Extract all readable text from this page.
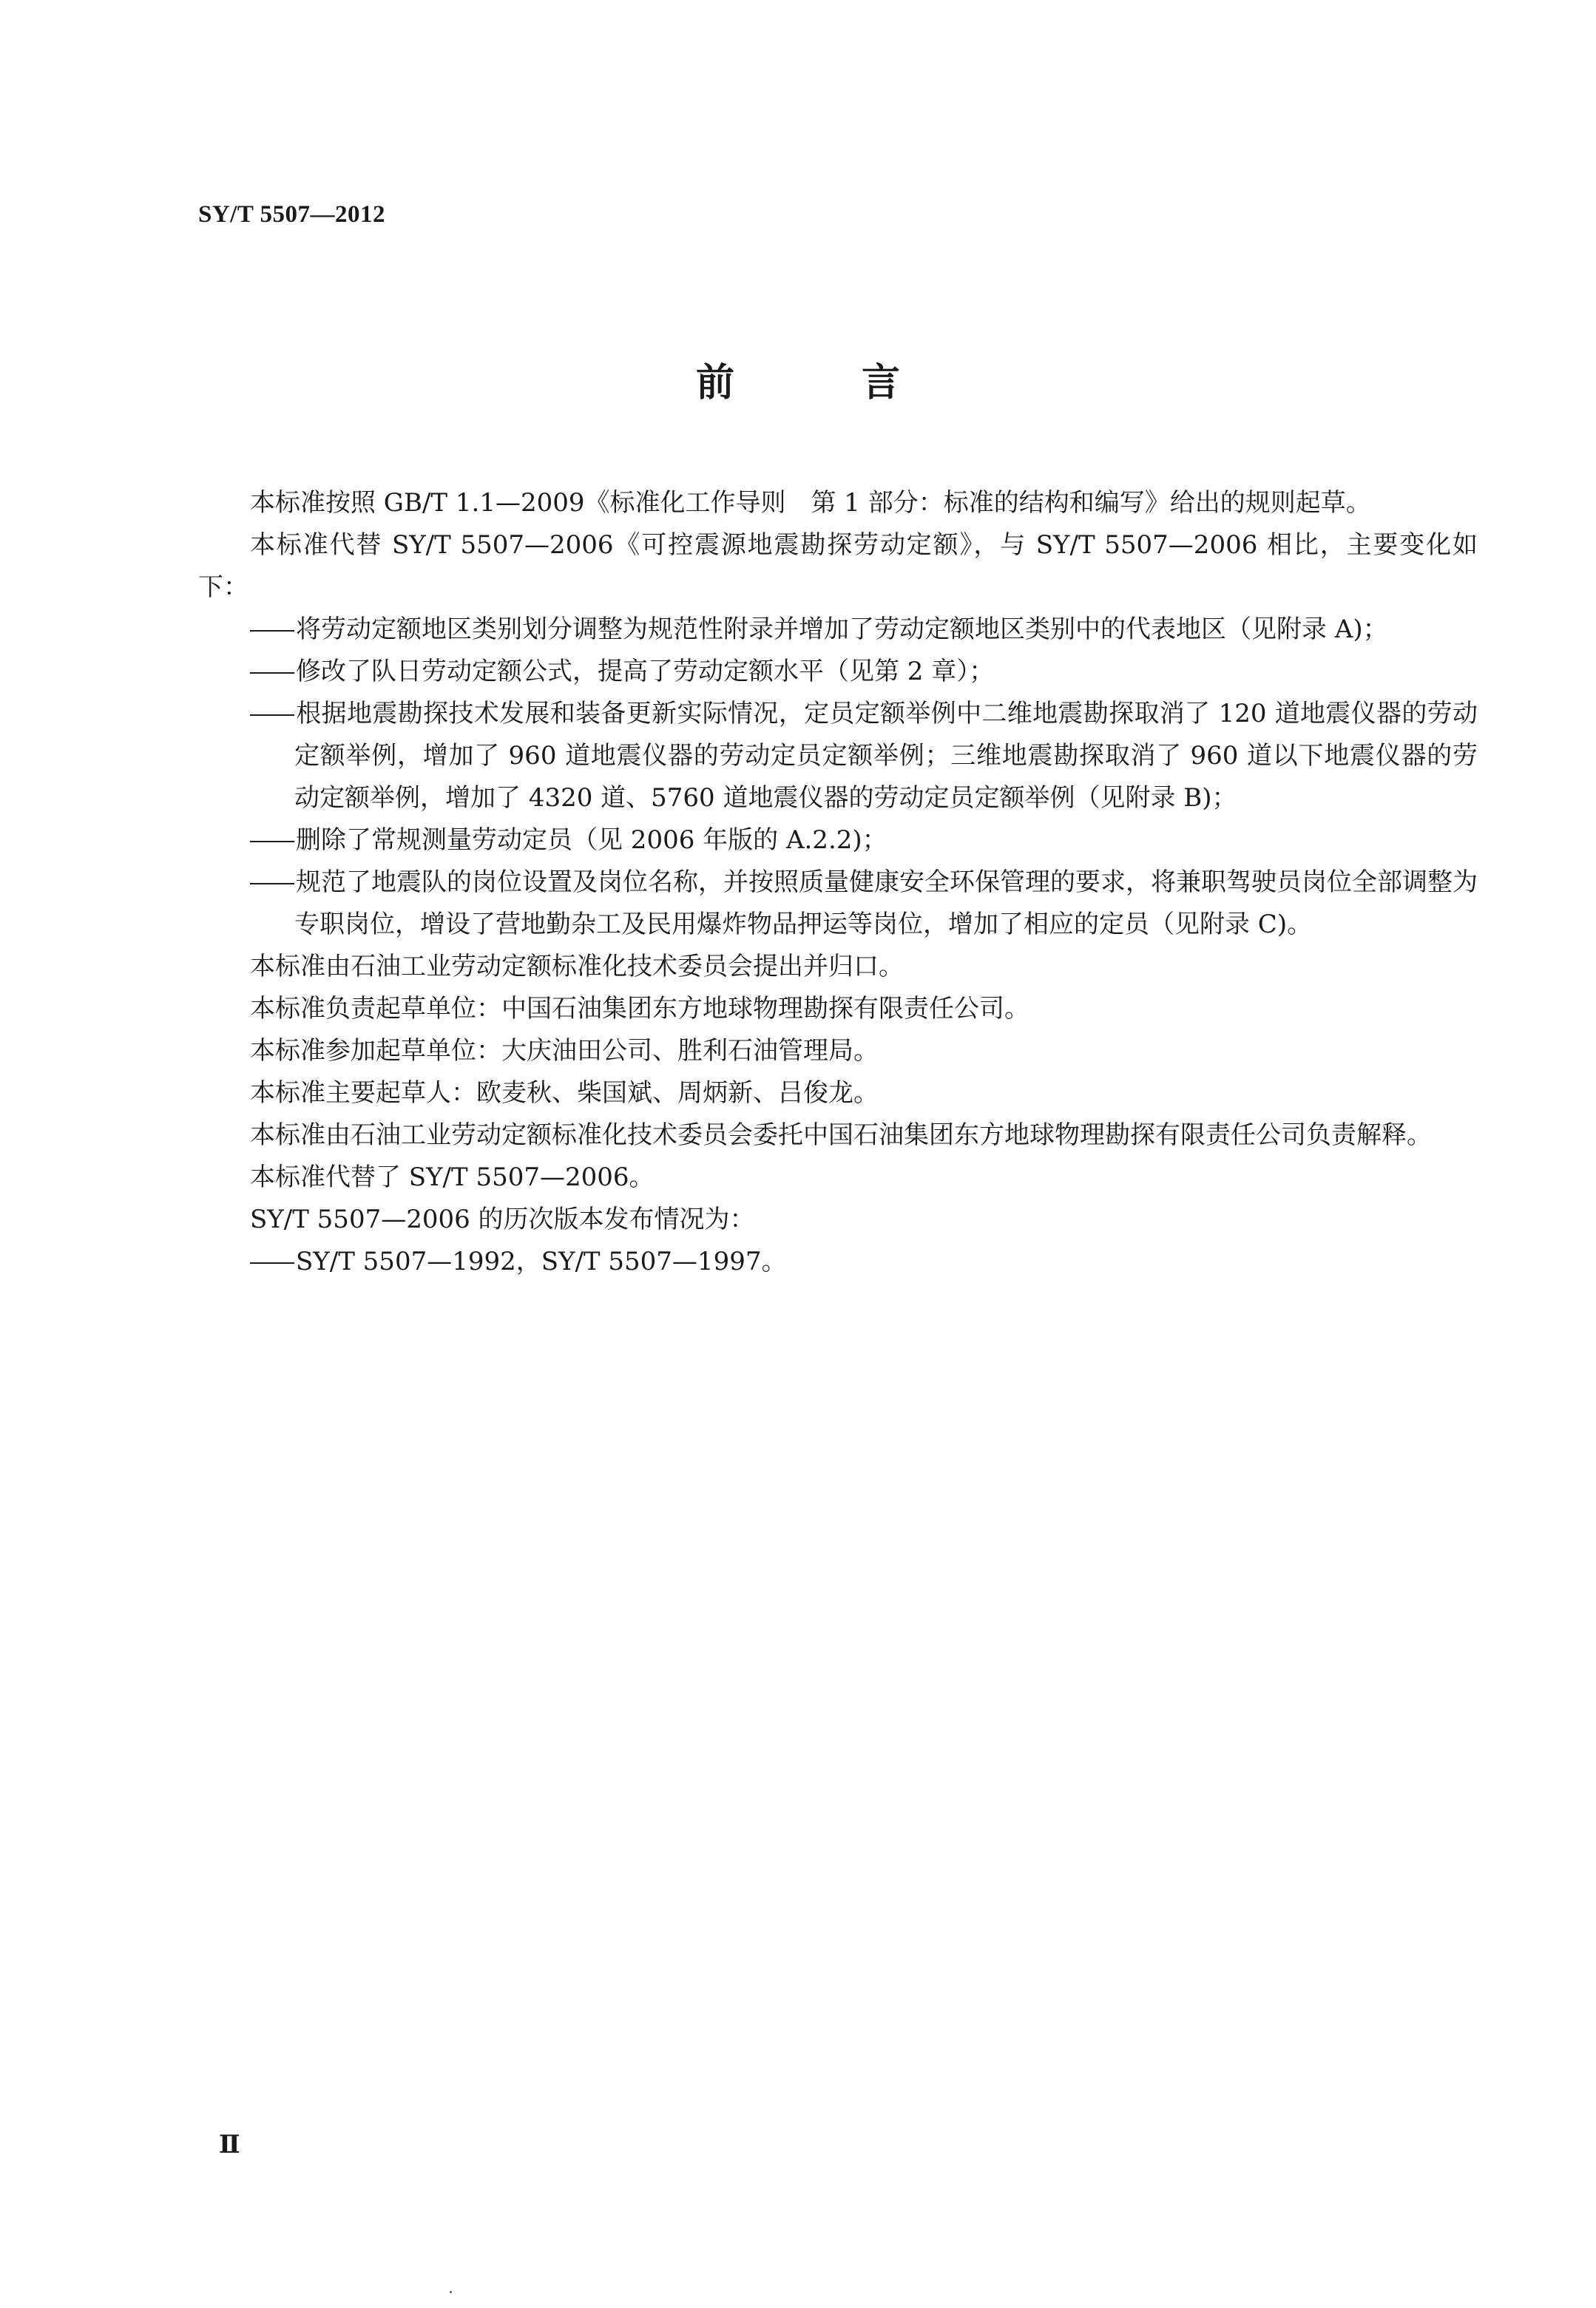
SY/T 5507—2012
前　言

本标准按照 GB/T 1.1—2009《标准化工作导则　第 1 部分：标准的结构和编写》给出的规则起草。

本标准代替 SY/T 5507—2006《可控震源地震勘探劳动定额》，与 SY/T 5507—2006 相比，主要变化如下：

将劳动定额地区类别划分调整为规范性附录并增加了劳动定额地区类别中的代表地区（见附录 A)；

修改了队日劳动定额公式，提高了劳动定额水平（见第 2 章）；

根据地震勘探技术发展和装备更新实际情况，定员定额举例中二维地震勘探取消了 120 道地震仪器的劳动定额举例，增加了 960 道地震仪器的劳动定员定额举例；三维地震勘探取消了 960 道以下地震仪器的劳动定额举例，增加了 4320 道、5760 道地震仪器的劳动定员定额举例（见附录 B)；

删除了常规测量劳动定员（见 2006 年版的 A.2.2)；

规范了地震队的岗位设置及岗位名称，并按照质量健康安全环保管理的要求，将兼职驾驶员岗位全部调整为专职岗位，增设了营地勤杂工及民用爆炸物品押运等岗位，增加了相应的定员（见附录 C)。

本标准由石油工业劳动定额标准化技术委员会提出并归口。

本标准负责起草单位：中国石油集团东方地球物理勘探有限责任公司。

本标准参加起草单位：大庆油田公司、胜利石油管理局。

本标准主要起草人：欧麦秋、柴国斌、周炳新、吕俊龙。

本标准由石油工业劳动定额标准化技术委员会委托中国石油集团东方地球物理勘探有限责任公司负责解释。

本标准代替了 SY/T 5507—2006。

SY/T 5507—2006 的历次版本发布情况为：

SY/T 5507—1992，SY/T 5507—1997。

Ⅱ
